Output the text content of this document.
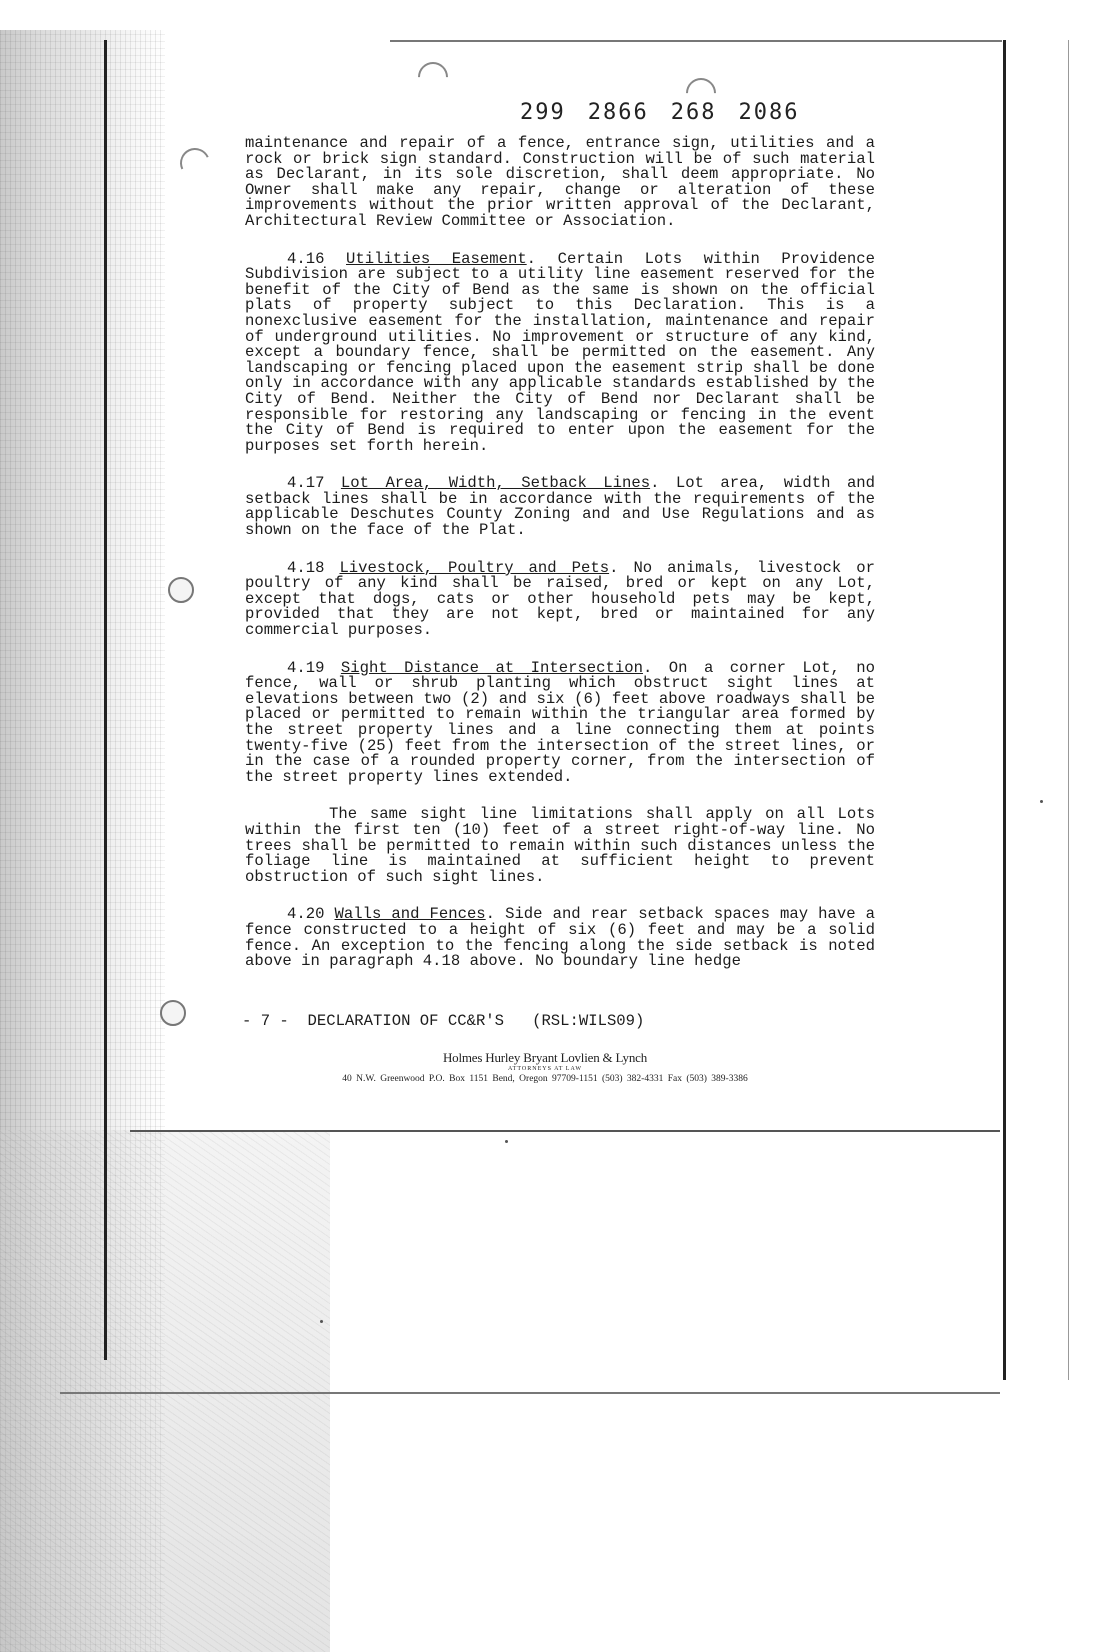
299 2866 268 2086

maintenance and repair of a fence, entrance sign, utilities and a rock or brick sign standard. Construction will be of such material as Declarant, in its sole discretion, shall deem appropriate. No Owner shall make any repair, change or alteration of these improvements without the prior written approval of the Declarant, Architectural Review Committee or Association.

4.16 Utilities Easement. Certain Lots within Providence Subdivision are subject to a utility line easement reserved for the benefit of the City of Bend as the same is shown on the official plats of property subject to this Declaration. This is a nonexclusive easement for the installation, maintenance and repair of underground utilities. No improvement or structure of any kind, except a boundary fence, shall be permitted on the easement. Any landscaping or fencing placed upon the easement strip shall be done only in accordance with any applicable standards established by the City of Bend. Neither the City of Bend nor Declarant shall be responsible for restoring any landscaping or fencing in the event the City of Bend is required to enter upon the easement for the purposes set forth herein.

4.17 Lot Area, Width, Setback Lines. Lot area, width and setback lines shall be in accordance with the requirements of the applicable Deschutes County Zoning and and Use Regulations and as shown on the face of the Plat.

4.18 Livestock, Poultry and Pets. No animals, livestock or poultry of any kind shall be raised, bred or kept on any Lot, except that dogs, cats or other household pets may be kept, provided that they are not kept, bred or maintained for any commercial purposes.

4.19 Sight Distance at Intersection. On a corner Lot, no fence, wall or shrub planting which obstruct sight lines at elevations between two (2) and six (6) feet above roadways shall be placed or permitted to remain within the triangular area formed by the street property lines and a line connecting them at points twenty-five (25) feet from the intersection of the street lines, or in the case of a rounded property corner, from the intersection of the street property lines extended.

The same sight line limitations shall apply on all Lots within the first ten (10) feet of a street right-of-way line. No trees shall be permitted to remain within such distances unless the foliage line is maintained at sufficient height to prevent obstruction of such sight lines.

4.20 Walls and Fences. Side and rear setback spaces may have a fence constructed to a height of six (6) feet and may be a solid fence. An exception to the fencing along the side setback is noted above in paragraph 4.18 above. No boundary line hedge

- 7 -  DECLARATION OF CC&R'S   (RSL:WILS09)
Holmes Hurley Bryant Lovlien & Lynch
ATTORNEYS AT LAW
40 N.W. Greenwood P.O. Box 1151 Bend, Oregon 97709-1151 (503) 382-4331 Fax (503) 389-3386
